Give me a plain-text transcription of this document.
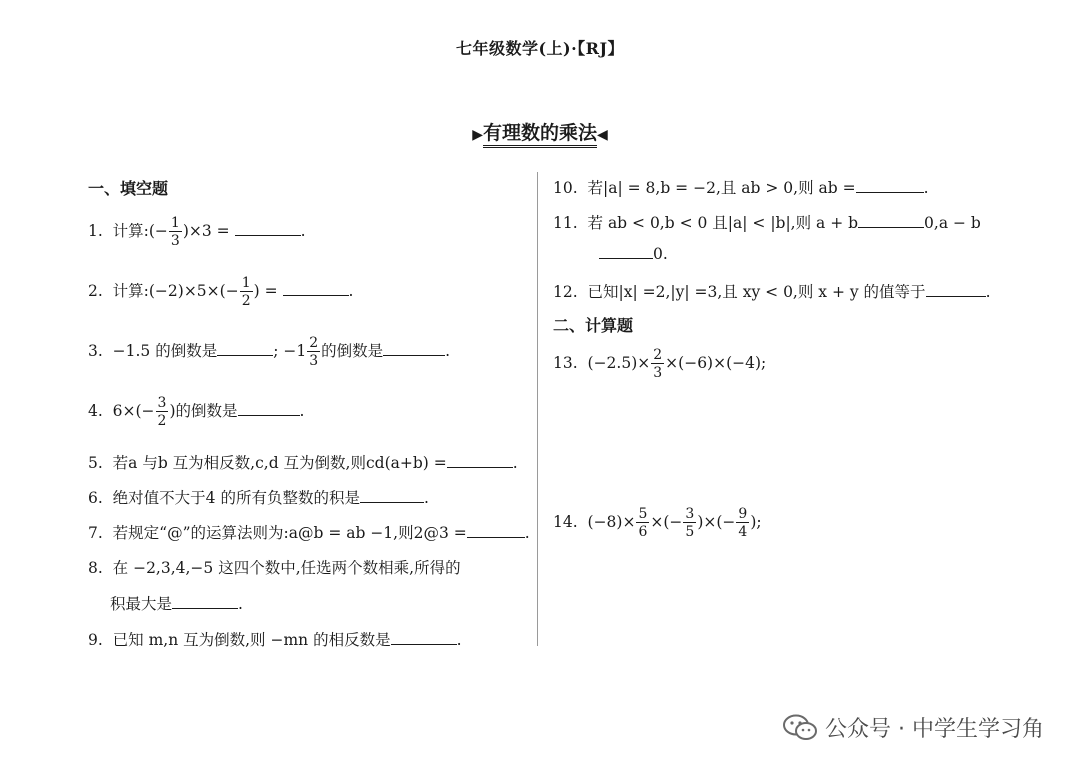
七年级数学(上)·【RJ】
▶有理数的乘法◀
一、填空题
1. 计算:(− $\frac{1}{3} )\times 3$ =	.
2. 计算:(−2)×5×(− $\frac{1}{2}$ ) =	.
3. −1.5 的倒数是	; $-1 \frac{2}{3}$ 的倒数是	.
4. $6\times(- \frac{3}{2}$ )的倒数是	.
5. 若a 与b 互为相反数,c,d 互为倒数,则cd(a+b) =	.
6. 绝对值不大于4 的所有负整数的积是	.
7. 若规定“@”的运算法则为:a@b = ab −1,则2@3 =	.
8. 在 −2,3,4,−5 这四个数中,任选两个数相乘,所得的
积最大是	.
9. 已知 m,n 互为倒数,则 −mn 的相反数是	.
10. 若|a| = 8,b = −2,且 ab > 0,则 ab =	.
11. 若 ab < 0,b < 0 且|a| < |b|,则 a + b	0,a − b
0.
12. 已知|x| =2,|y| =3,且 xy < 0,则 x + y 的值等于	.
二、计算题
13. $(-2.5)\times \frac{2}{3} \times(-6)\times(-4)$;
14. $(-8)\times \frac{5}{6}$ ×(− $\frac{3}{5}$ )×(− $\frac{9}{4}$ );
公众号 · 中学生学习角
